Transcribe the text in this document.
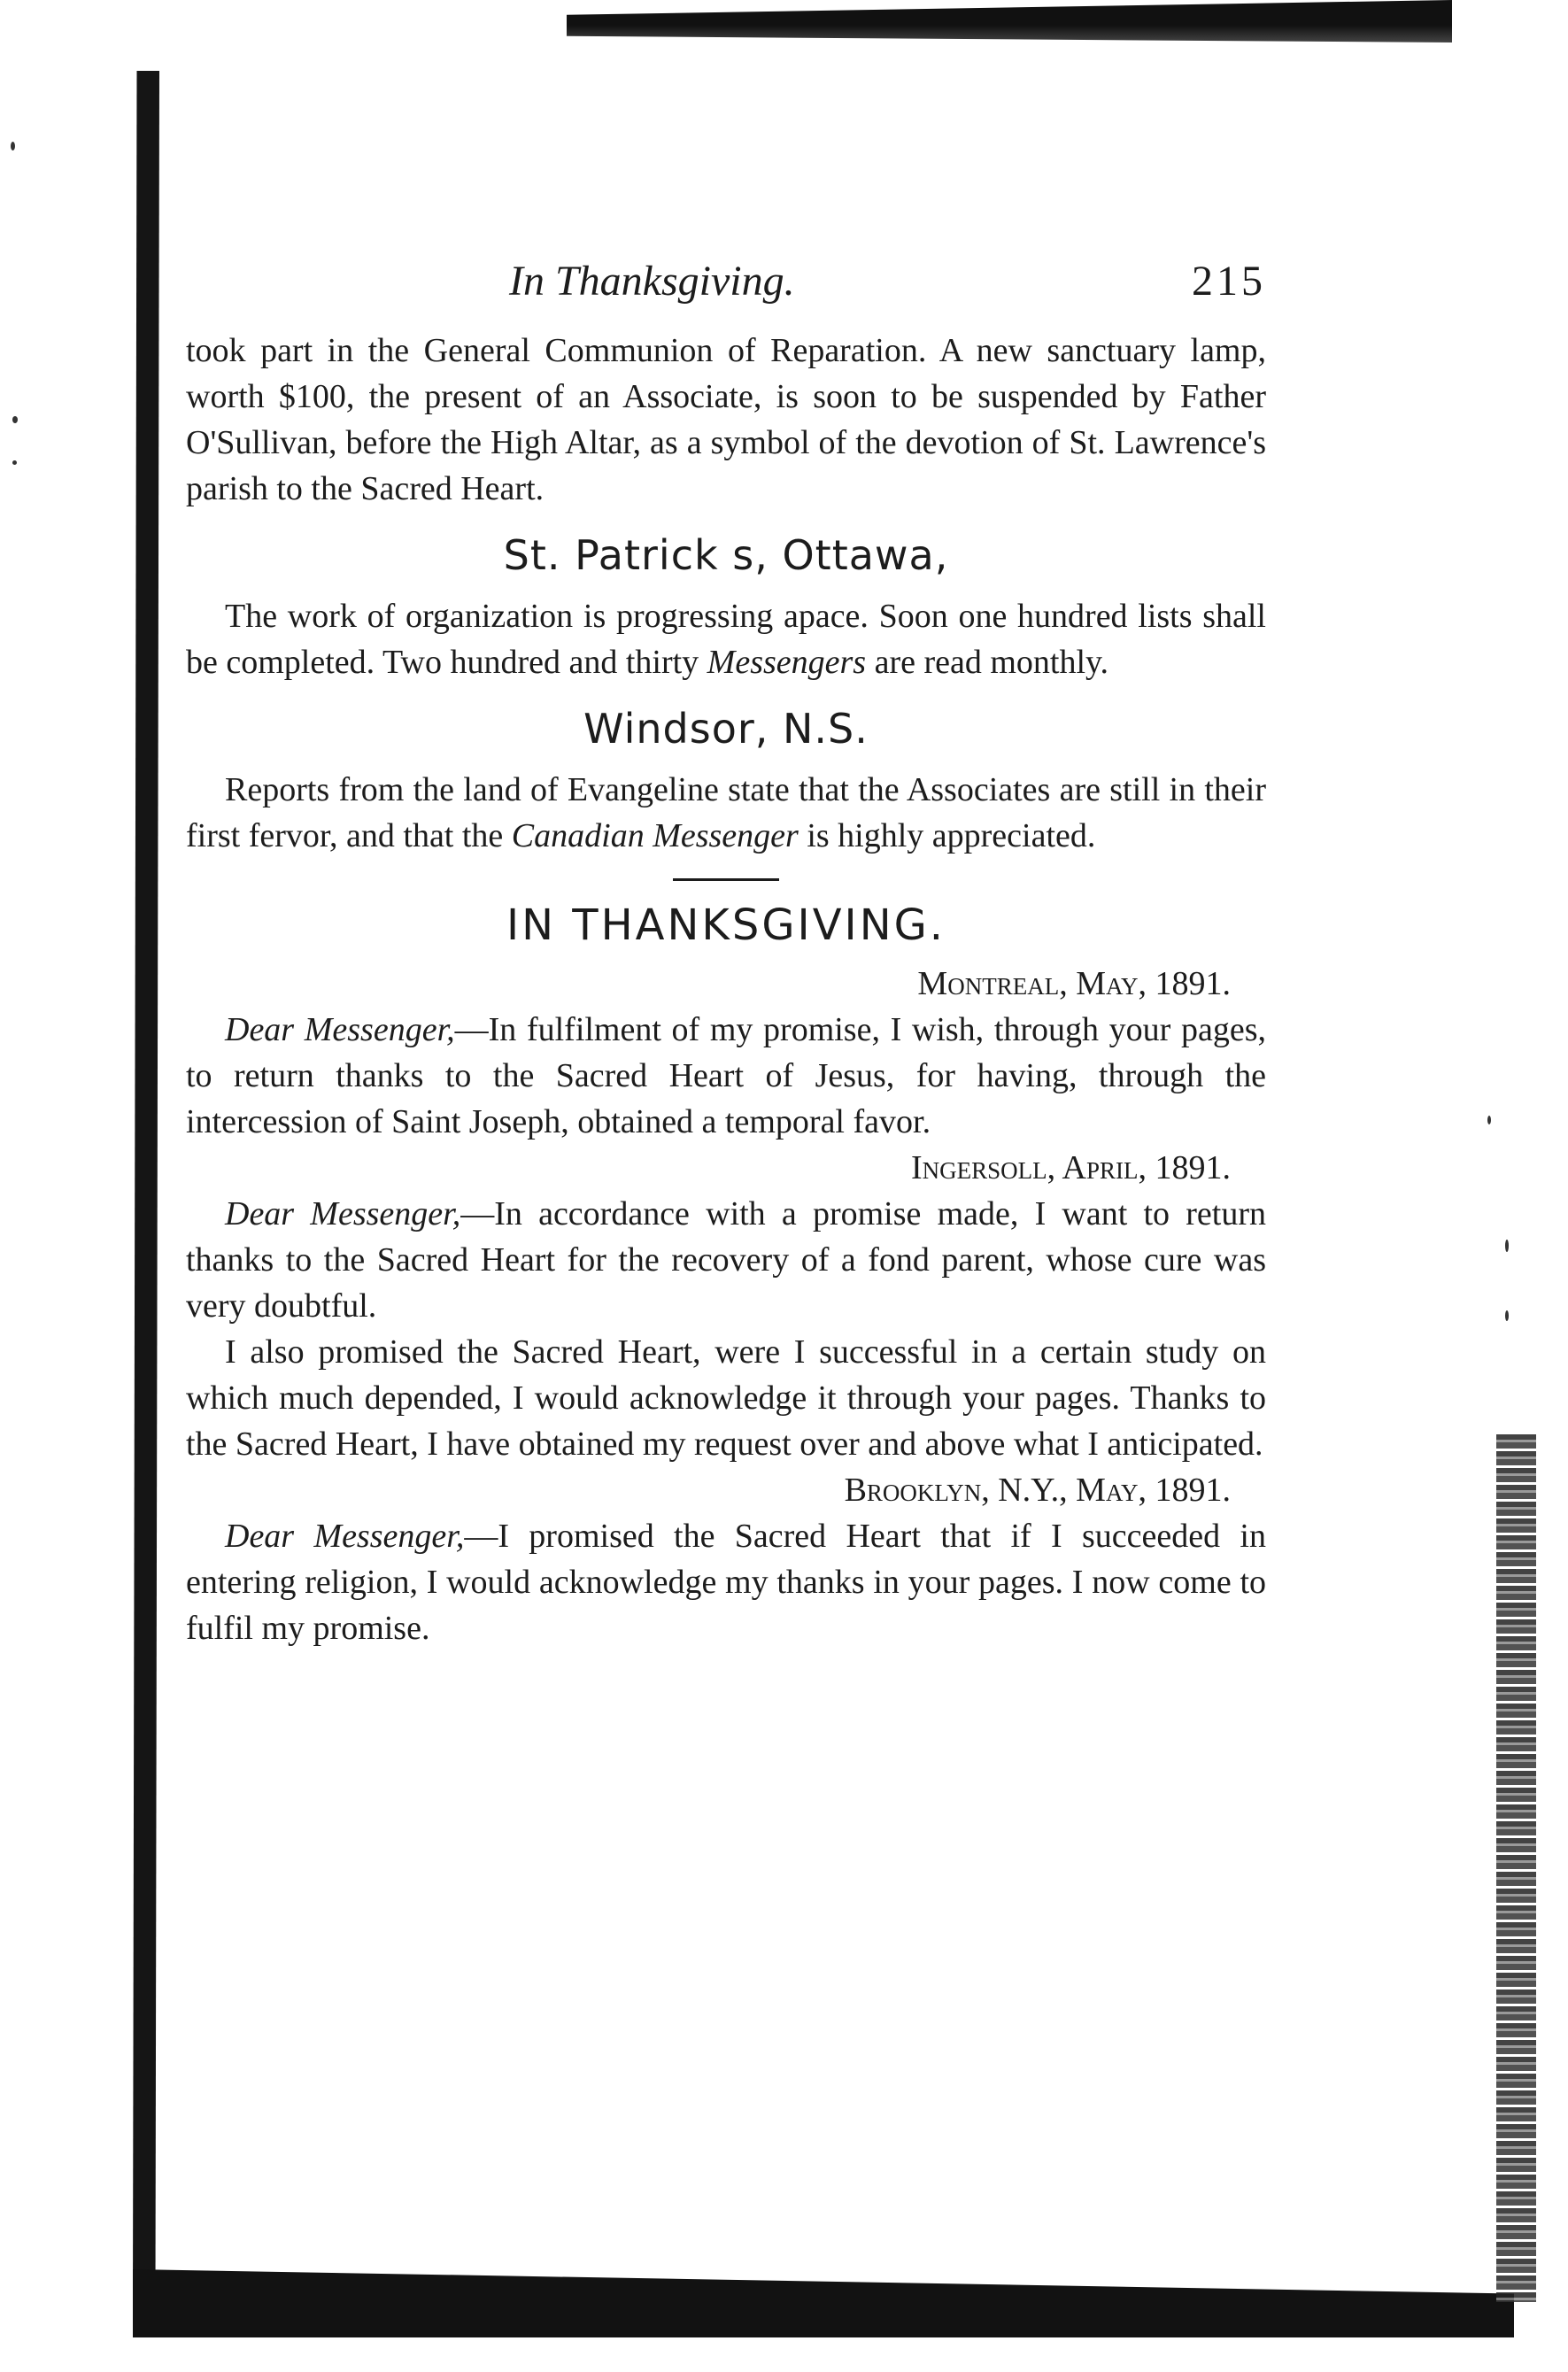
In Thanksgiving.	215

took part in the General Communion of Reparation. A new sanctuary lamp, worth $100, the present of an Associate, is soon to be suspended by Father O'Sullivan, before the High Altar, as a symbol of the devotion of St. Lawrence's parish to the Sacred Heart.

St. Patrick s, Ottawa,

The work of organization is progressing apace. Soon one hundred lists shall be completed. Two hundred and thirty Messengers are read monthly.

Windsor, N.S.

Reports from the land of Evangeline state that the Associates are still in their first fervor, and that the Canadian Messenger is highly appreciated.

IN THANKSGIVING.
Montreal, May, 1891.

Dear Messenger,—In fulfilment of my promise, I wish, through your pages, to return thanks to the Sacred Heart of Jesus, for having, through the intercession of Saint Joseph, obtained a temporal favor.

Ingersoll, April, 1891.

Dear Messenger,—In accordance with a promise made, I want to return thanks to the Sacred Heart for the recovery of a fond parent, whose cure was very doubtful.

I also promised the Sacred Heart, were I successful in a certain study on which much depended, I would acknowledge it through your pages. Thanks to the Sacred Heart, I have obtained my request over and above what I anticipated.

Brooklyn, N.Y., May, 1891.

Dear Messenger,—I promised the Sacred Heart that if I succeeded in entering religion, I would acknowledge my thanks in your pages. I now come to fulfil my promise.
